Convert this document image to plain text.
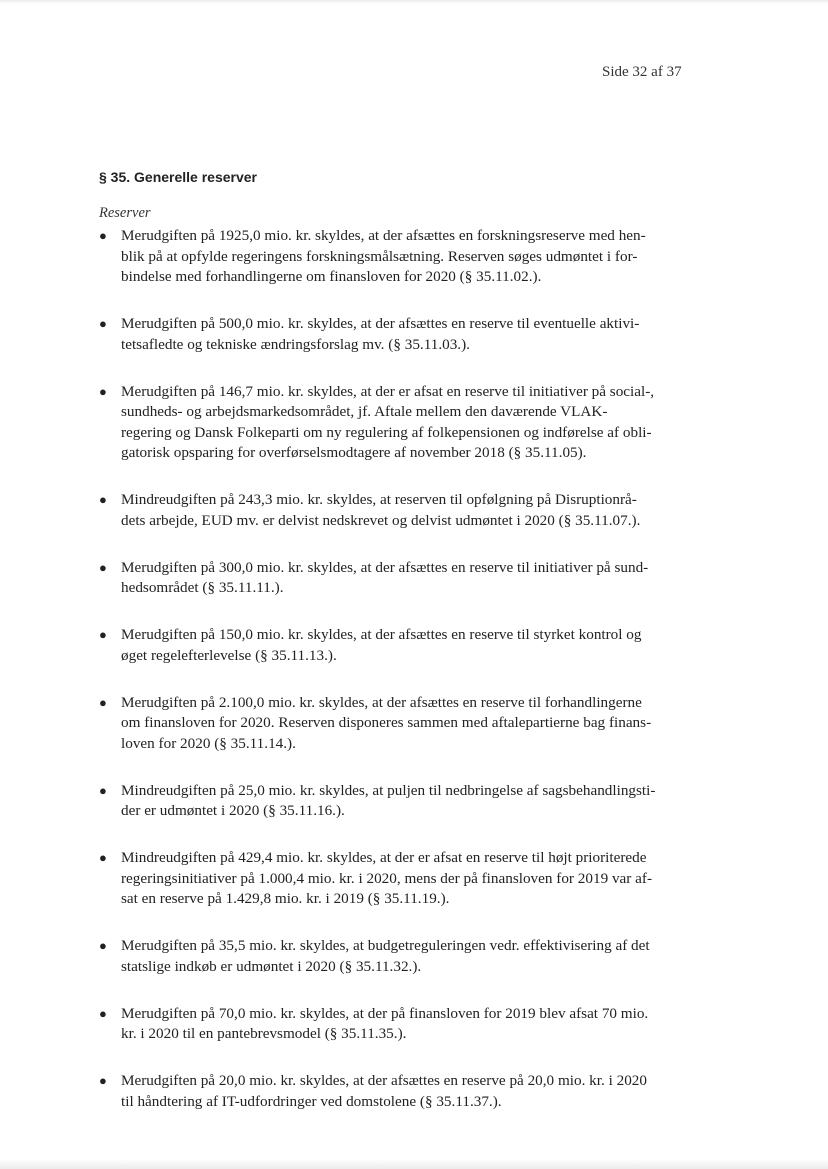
Side 32 af 37
§ 35. Generelle reserver
Reserver
● Merudgiften på 1925,0 mio. kr. skyldes, at der afsættes en forskningsreserve med hen-
blik på at opfylde regeringens forskningsmålsætning. Reserven søges udmøntet i for-
bindelse med forhandlingerne om finansloven for 2020 (§ 35.11.02.).
● Merudgiften på 500,0 mio. kr. skyldes, at der afsættes en reserve til eventuelle aktivi-
tetsafledte og tekniske ændringsforslag mv. (§ 35.11.03.).
● Merudgiften på 146,7 mio. kr. skyldes, at der er afsat en reserve til initiativer på social-,
sundheds- og arbejdsmarkedsområdet, jf. Aftale mellem den daværende VLAK-
regering og Dansk Folkeparti om ny regulering af folkepensionen og indførelse af obli-
gatorisk opsparing for overførselsmodtagere af november 2018 (§ 35.11.05).
● Mindreudgiften på 243,3 mio. kr. skyldes, at reserven til opfølgning på Disruptionrå-
dets arbejde, EUD mv. er delvist nedskrevet og delvist udmøntet i 2020 (§ 35.11.07.).
● Merudgiften på 300,0 mio. kr. skyldes, at der afsættes en reserve til initiativer på sund-
hedsområdet (§ 35.11.11.).
● Merudgiften på 150,0 mio. kr. skyldes, at der afsættes en reserve til styrket kontrol og
øget regelefterlevelse (§ 35.11.13.).
● Merudgiften på 2.100,0 mio. kr. skyldes, at der afsættes en reserve til forhandlingerne
om finansloven for 2020. Reserven disponeres sammen med aftalepartierne bag finans-
loven for 2020 (§ 35.11.14.).
● Mindreudgiften på 25,0 mio. kr. skyldes, at puljen til nedbringelse af sagsbehandlingsti-
der er udmøntet i 2020 (§ 35.11.16.).
● Mindreudgiften på 429,4 mio. kr. skyldes, at der er afsat en reserve til højt prioriterede
regeringsinitiativer på 1.000,4 mio. kr. i 2020, mens der på finansloven for 2019 var af-
sat en reserve på 1.429,8 mio. kr. i 2019 (§ 35.11.19.).
● Merudgiften på 35,5 mio. kr. skyldes, at budgetreguleringen vedr. effektivisering af det
statslige indkøb er udmøntet i 2020 (§ 35.11.32.).
● Merudgiften på 70,0 mio. kr. skyldes, at der på finansloven for 2019 blev afsat 70 mio.
kr. i 2020 til en pantebrevsmodel (§ 35.11.35.).
● Merudgiften på 20,0 mio. kr. skyldes, at der afsættes en reserve på 20,0 mio. kr. i 2020
til håndtering af IT-udfordringer ved domstolene (§ 35.11.37.).
